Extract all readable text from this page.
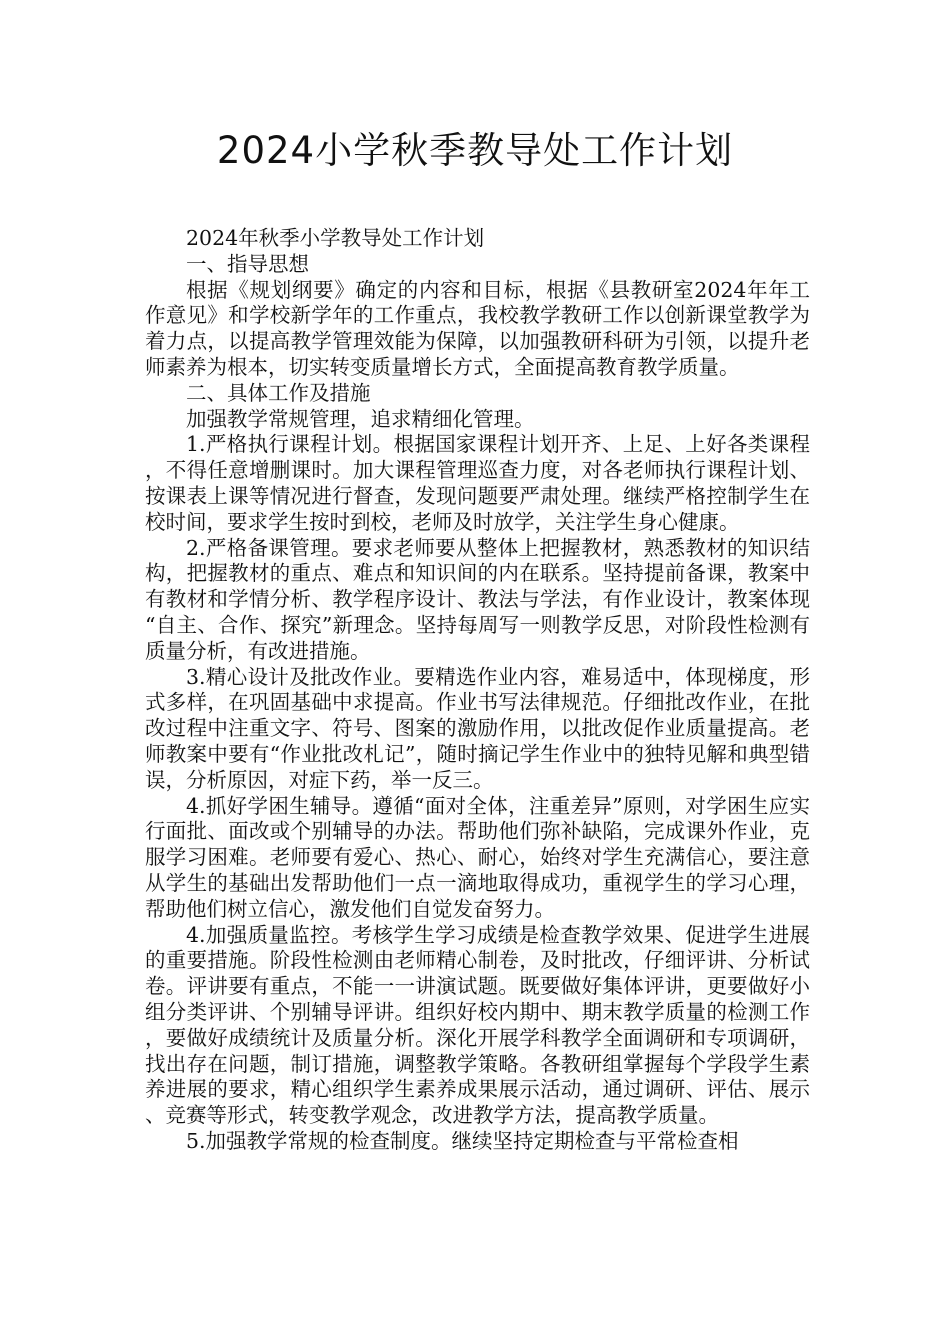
2024小学秋季教导处工作计划

2024年秋季小学教导处工作计划

一、指导思想

根据《规划纲要》确定的内容和目标，根据《县教研室2024年年工作意见》和学校新学年的工作重点，我校教学教研工作以创新课堂教学为着力点，以提高教学管理效能为保障，以加强教研科研为引领，以提升老师素养为根本，切实转变质量增长方式，全面提高教育教学质量。

二、具体工作及措施

加强教学常规管理，追求精细化管理。

1.严格执行课程计划。根据国家课程计划开齐、上足、上好各类课程，不得任意增删课时。加大课程管理巡查力度，对各老师执行课程计划、按课表上课等情况进行督查，发现问题要严肃处理。继续严格控制学生在校时间，要求学生按时到校，老师及时放学，关注学生身心健康。

2.严格备课管理。要求老师要从整体上把握教材，熟悉教材的知识结构，把握教材的重点、难点和知识间的内在联系。坚持提前备课，教案中有教材和学情分析、教学程序设计、教法与学法，有作业设计，教案体现“自主、合作、探究”新理念。坚持每周写一则教学反思，对阶段性检测有质量分析，有改进措施。

3.精心设计及批改作业。要精选作业内容，难易适中，体现梯度，形式多样，在巩固基础中求提高。作业书写法律规范。仔细批改作业，在批改过程中注重文字、符号、图案的激励作用，以批改促作业质量提高。老师教案中要有“作业批改札记”，随时摘记学生作业中的独特见解和典型错误，分析原因，对症下药，举一反三。

4.抓好学困生辅导。遵循“面对全体，注重差异”原则，对学困生应实行面批、面改或个别辅导的办法。帮助他们弥补缺陷，完成课外作业，克服学习困难。老师要有爱心、热心、耐心，始终对学生充满信心，要注意从学生的基础出发帮助他们一点一滴地取得成功，重视学生的学习心理，帮助他们树立信心，激发他们自觉发奋努力。

4.加强质量监控。考核学生学习成绩是检查教学效果、促进学生进展的重要措施。阶段性检测由老师精心制卷，及时批改，仔细评讲、分析试卷。评讲要有重点，不能一一讲演试题。既要做好集体评讲，更要做好小组分类评讲、个别辅导评讲。组织好校内期中、期末教学质量的检测工作，要做好成绩统计及质量分析。深化开展学科教学全面调研和专项调研，找出存在问题，制订措施，调整教学策略。各教研组掌握每个学段学生素养进展的要求，精心组织学生素养成果展示活动，通过调研、评估、展示、竞赛等形式，转变教学观念，改进教学方法，提高教学质量。

5.加强教学常规的检查制度。继续坚持定期检查与平常检查相
